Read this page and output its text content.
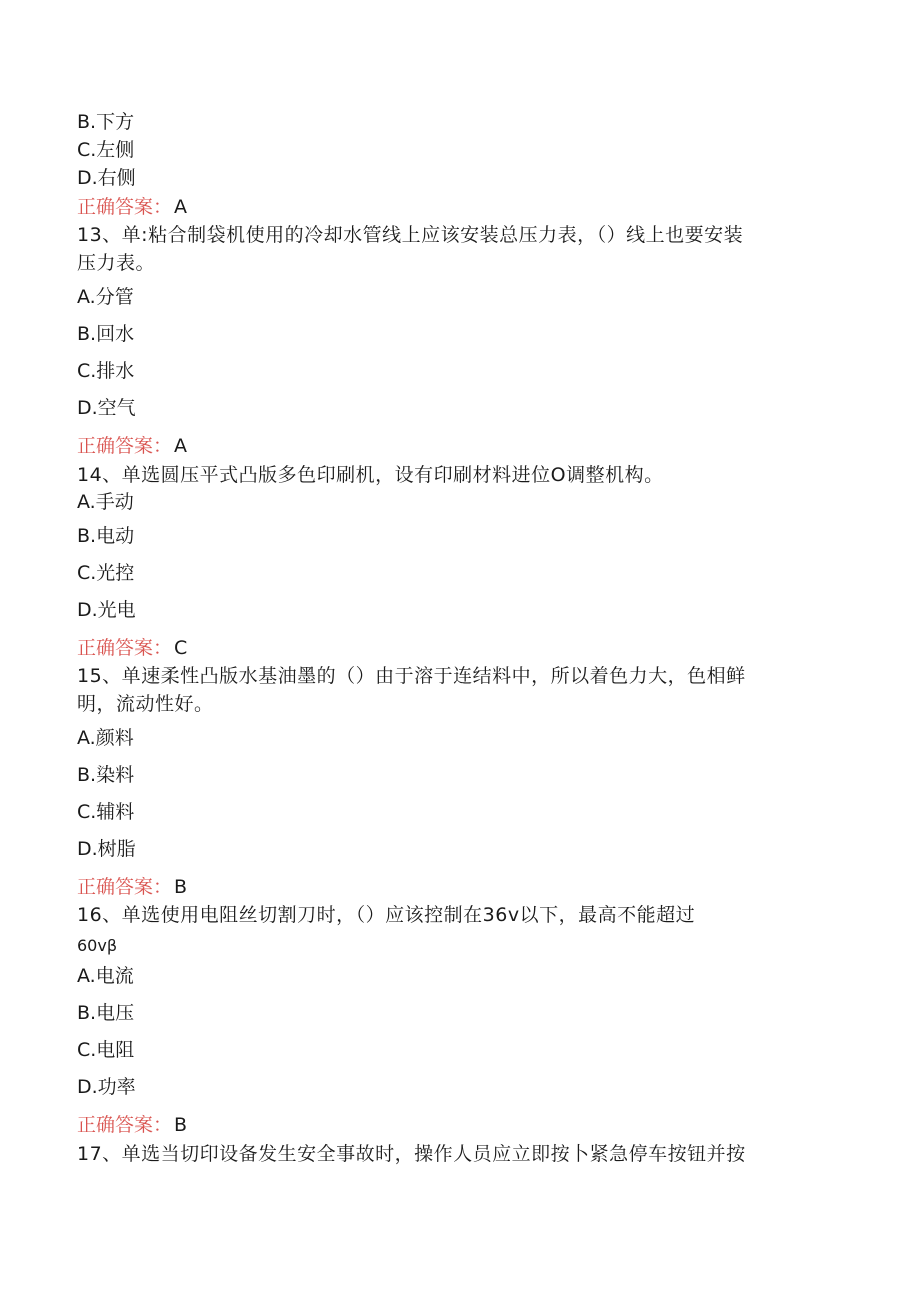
B.下方
C.左侧
D.右侧
正确答案： A
13、单:粘合制袋机使用的冷却水管线上应该安装总压力表，（）线上也要安装
压力表。
A.分管
B.回水
C.排水
D.空气
正确答案： A
14、单选圆压平式凸版多色印刷机，设有印刷材料进位O调整机构。
A.手动
B.电动
C.光控
D.光电
正确答案： C
15、单速柔性凸版水基油墨的（）由于溶于连结料中，所以着色力大，色相鲜
明，流动性好。
A.颜料
B.染料
C.辅料
D.树脂
正确答案： B
16、单选使用电阻丝切割刀时，（）应该控制在36v以下，最高不能超过
60vβ
A.电流
B.电压
C.电阻
D.功率
正确答案： B
17、单选当切印设备发生安全事故时，操作人员应立即按卜紧急停车按钮并按
